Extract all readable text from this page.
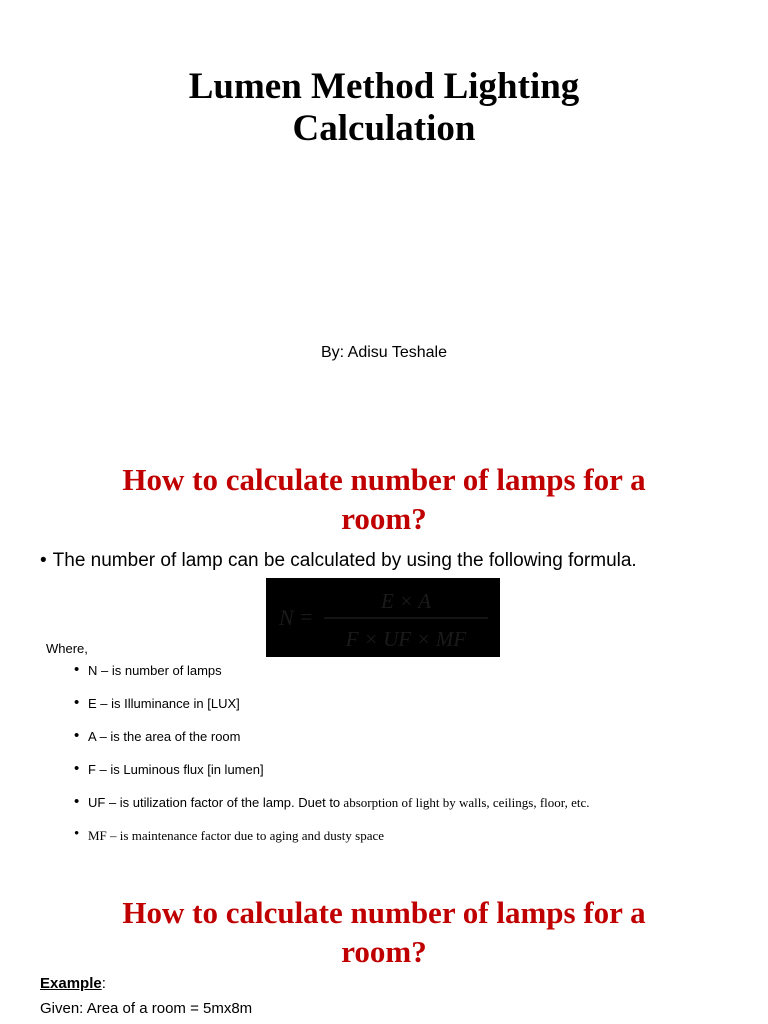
Lumen Method Lighting
Calculation
By: Adisu Teshale
How to calculate number of lamps for a
room?
• The number of lamp can be calculated by using the following formula.
N =
E × A
F × UF × MF
Where,
• N – is number of lamps
• E – is Illuminance in [LUX]
• A – is the area of the room
• F – is Luminous flux [in lumen]
• UF – is utilization factor of the lamp. Duet to absorption of light by walls, ceilings, floor, etc.
• MF – is maintenance factor due to aging and dusty space
How to calculate number of lamps for a
room?
Example:
Given: Area of a room = 5mx8m
